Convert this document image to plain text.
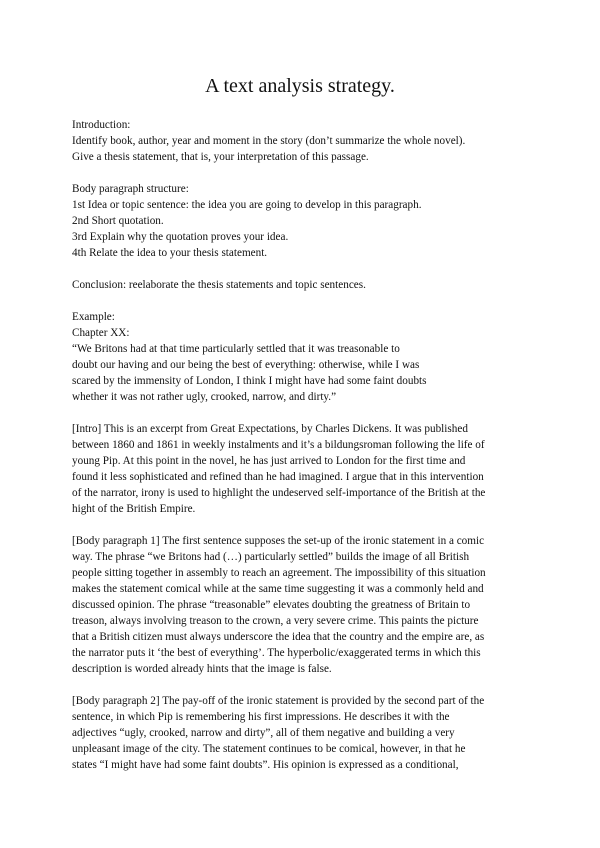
A text analysis strategy.
Introduction:
Identify book, author, year and moment in the story (don’t summarize the whole novel).
Give a thesis statement, that is, your interpretation of this passage.
Body paragraph structure:
1st Idea or topic sentence: the idea you are going to develop in this paragraph.
2nd Short quotation.
3rd Explain why the quotation proves your idea.
4th Relate the idea to your thesis statement.
Conclusion: reelaborate the thesis statements and topic sentences.
Example:
Chapter XX:
“We Britons had at that time particularly settled that it was treasonable to
doubt our having and our being the best of everything: otherwise, while I was
scared by the immensity of London, I think I might have had some faint doubts
whether it was not rather ugly, crooked, narrow, and dirty.”
[Intro] This is an excerpt from Great Expectations, by Charles Dickens. It was published
between 1860 and 1861 in weekly instalments and it’s a bildungsroman following the life of
young Pip. At this point in the novel, he has just arrived to London for the first time and
found it less sophisticated and refined than he had imagined. I argue that in this intervention
of the narrator, irony is used to highlight the undeserved self-importance of the British at the
hight of the British Empire.
[Body paragraph 1] The first sentence supposes the set-up of the ironic statement in a comic
way. The phrase “we Britons had (…) particularly settled” builds the image of all British
people sitting together in assembly to reach an agreement. The impossibility of this situation
makes the statement comical while at the same time suggesting it was a commonly held and
discussed opinion. The phrase “treasonable” elevates doubting the greatness of Britain to
treason, always involving treason to the crown, a very severe crime. This paints the picture
that a British citizen must always underscore the idea that the country and the empire are, as
the narrator puts it ‘the best of everything’. The hyperbolic/exaggerated terms in which this
description is worded already hints that the image is false.
[Body paragraph 2] The pay-off of the ironic statement is provided by the second part of the
sentence, in which Pip is remembering his first impressions. He describes it with the
adjectives “ugly, crooked, narrow and dirty”, all of them negative and building a very
unpleasant image of the city. The statement continues to be comical, however, in that he
states “I might have had some faint doubts”. His opinion is expressed as a conditional,
